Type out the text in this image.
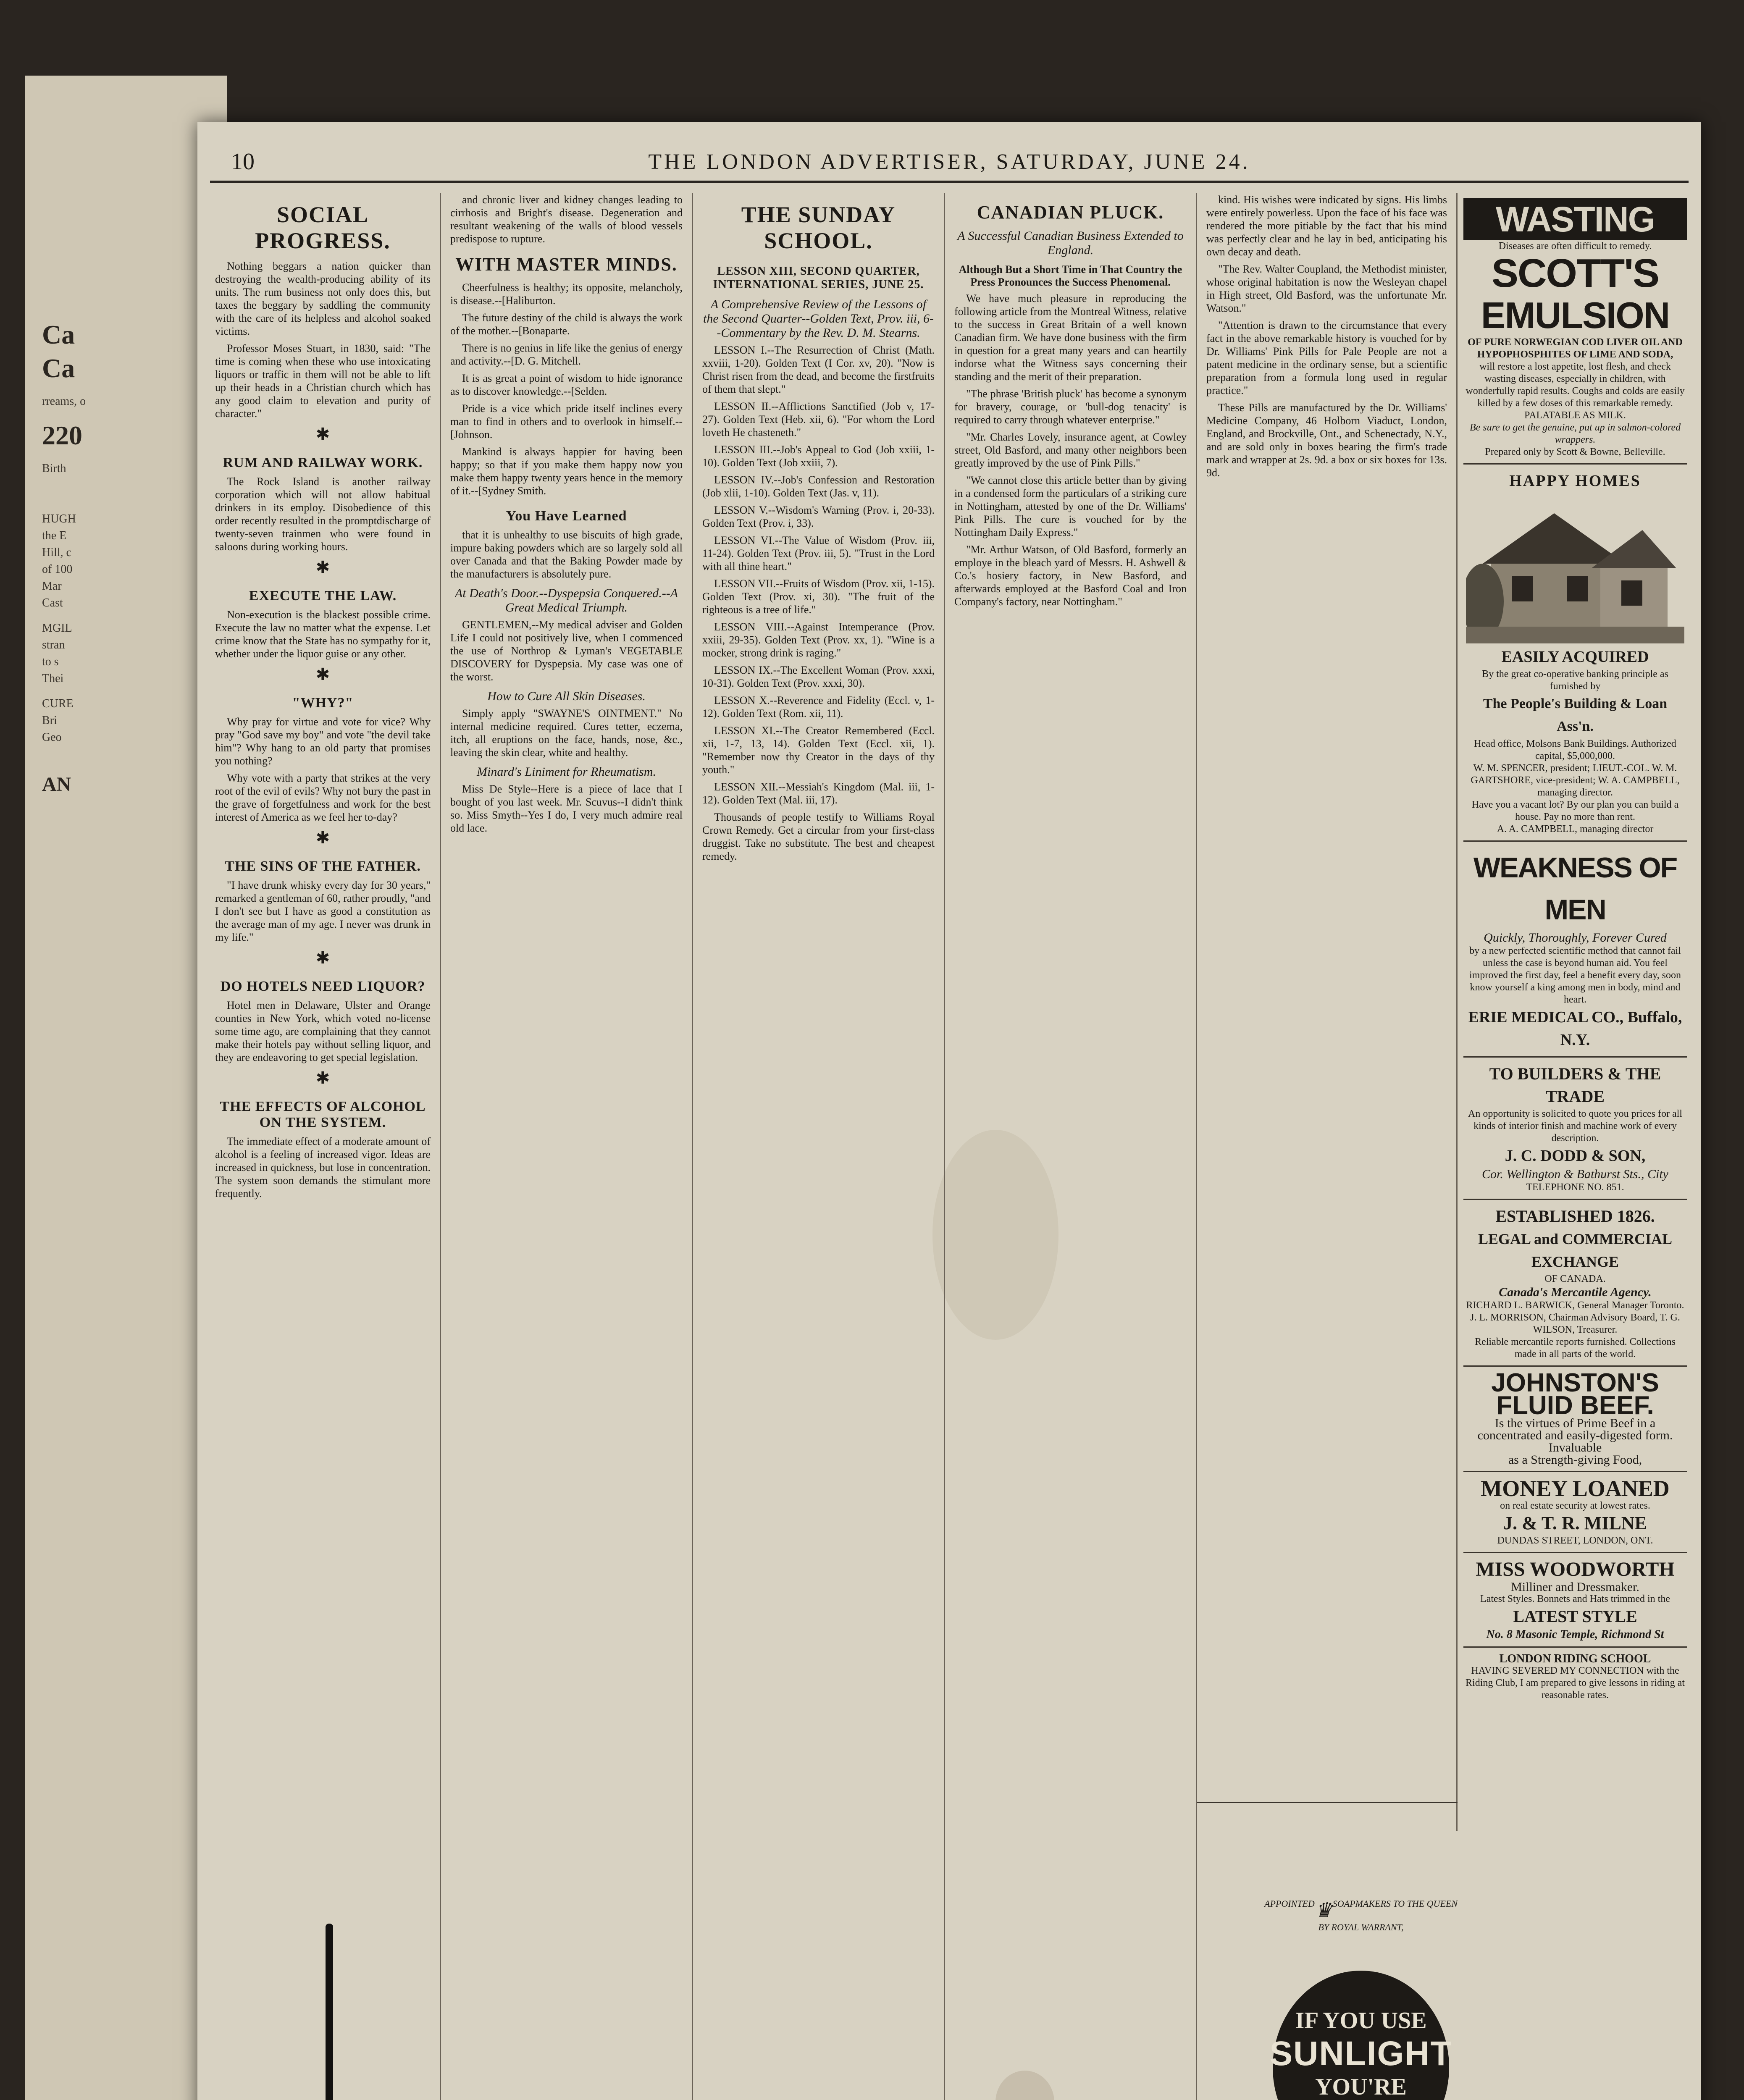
Ca
Ca
rreams, o
220
Birth
HUGH
the E
Hill, c
of 100
Mar
Cast
MGIL
stran
to s
Thei
CURE
Bri
Geo
AN
10	THE LONDON ADVERTISER, SATURDAY, JUNE 24.
SOCIAL PROGRESS.

Nothing beggars a nation quicker than destroying the wealth-producing ability of its units. The rum business not only does this, but taxes the beggary by saddling the community with the care of its helpless and alcohol soaked victims.

Professor Moses Stuart, in 1830, said: "The time is coming when these who use intoxicating liquors or traffic in them will not be able to lift up their heads in a Christian church which has any good claim to elevation and purity of character."

✱
RUM AND RAILWAY WORK.

The Rock Island is another railway corporation which will not allow habitual drinkers in its employ. Disobedience of this order recently resulted in the promptdischarge of twenty-seven trainmen who were found in saloons during working hours.

✱
EXECUTE THE LAW.

Non-execution is the blackest possible crime. Execute the law no matter what the expense. Let crime know that the State has no sympathy for it, whether under the liquor guise or any other.

✱
"WHY?"

Why pray for virtue and vote for vice? Why pray "God save my boy" and vote "the devil take him"? Why hang to an old party that promises you nothing?

Why vote with a party that strikes at the very root of the evil of evils? Why not bury the past in the grave of forgetfulness and work for the best interest of America as we feel her to-day?

✱
THE SINS OF THE FATHER.

"I have drunk whisky every day for 30 years," remarked a gentleman of 60, rather proudly, "and I don't see but I have as good a constitution as the average man of my age. I never was drunk in my life."

✱
DO HOTELS NEED LIQUOR?

Hotel men in Delaware, Ulster and Orange counties in New York, which voted no-license some time ago, are complaining that they cannot make their hotels pay without selling liquor, and they are endeavoring to get special legislation.

✱
THE EFFECTS OF ALCOHOL ON THE SYSTEM.

The immediate effect of a moderate amount of alcohol is a feeling of increased vigor. Ideas are increased in quickness, but lose in concentration. The system soon demands the stimulant more frequently.

and chronic liver and kidney changes leading to cirrhosis and Bright's disease. Degeneration and resultant weakening of the walls of blood vessels predispose to rupture.

WITH MASTER MINDS.

Cheerfulness is healthy; its opposite, melancholy, is disease.--[Haliburton.

The future destiny of the child is always the work of the mother.--[Bonaparte.

There is no genius in life like the genius of energy and activity.--[D. G. Mitchell.

It is as great a point of wisdom to hide ignorance as to discover knowledge.--[Selden.

Pride is a vice which pride itself inclines every man to find in others and to overlook in himself.--[Johnson.

Mankind is always happier for having been happy; so that if you make them happy now you make them happy twenty years hence in the memory of it.--[Sydney Smith.

You Have Learned

that it is unhealthy to use biscuits of high grade, impure baking powders which are so largely sold all over Canada and that the Baking Powder made by the manufacturers is absolutely pure.

At Death's Door.--Dyspepsia Conquered.--A Great Medical Triumph.

GENTLEMEN,--My medical adviser and Golden Life I could not positively live, when I commenced the use of Northrop & Lyman's VEGETABLE DISCOVERY for Dyspepsia. My case was one of the worst.

How to Cure All Skin Diseases.

Simply apply "SWAYNE'S OINTMENT." No internal medicine required. Cures tetter, eczema, itch, all eruptions on the face, hands, nose, &c., leaving the skin clear, white and healthy.

Minard's Liniment for Rheumatism.

Miss De Style--Here is a piece of lace that I bought of you last week. Mr. Scuvus--I didn't think so. Miss Smyth--Yes I do, I very much admire real old lace.

THE SUNDAY SCHOOL.
LESSON XIII, SECOND QUARTER, INTERNATIONAL SERIES, JUNE 25.
A Comprehensive Review of the Lessons of the Second Quarter--Golden Text, Prov. iii, 6--Commentary by the Rev. D. M. Stearns.

LESSON I.--The Resurrection of Christ (Math. xxviii, 1-20). Golden Text (I Cor. xv, 20). "Now is Christ risen from the dead, and become the firstfruits of them that slept."

LESSON II.--Afflictions Sanctified (Job v, 17-27). Golden Text (Heb. xii, 6). "For whom the Lord loveth He chasteneth."

LESSON III.--Job's Appeal to God (Job xxiii, 1-10). Golden Text (Job xxiii, 7).

LESSON IV.--Job's Confession and Restoration (Job xlii, 1-10). Golden Text (Jas. v, 11).

LESSON V.--Wisdom's Warning (Prov. i, 20-33). Golden Text (Prov. i, 33).

LESSON VI.--The Value of Wisdom (Prov. iii, 11-24). Golden Text (Prov. iii, 5). "Trust in the Lord with all thine heart."

LESSON VII.--Fruits of Wisdom (Prov. xii, 1-15). Golden Text (Prov. xi, 30). "The fruit of the righteous is a tree of life."

LESSON VIII.--Against Intemperance (Prov. xxiii, 29-35). Golden Text (Prov. xx, 1). "Wine is a mocker, strong drink is raging."

LESSON IX.--The Excellent Woman (Prov. xxxi, 10-31). Golden Text (Prov. xxxi, 30).

LESSON X.--Reverence and Fidelity (Eccl. v, 1-12). Golden Text (Rom. xii, 11).

LESSON XI.--The Creator Remembered (Eccl. xii, 1-7, 13, 14). Golden Text (Eccl. xii, 1). "Remember now thy Creator in the days of thy youth."

LESSON XII.--Messiah's Kingdom (Mal. iii, 1-12). Golden Text (Mal. iii, 17).

Thousands of people testify to Williams Royal Crown Remedy. Get a circular from your first-class druggist. Take no substitute. The best and cheapest remedy.

CANADIAN PLUCK.
A Successful Canadian Business Extended to England.
Although But a Short Time in That Country the Press Pronounces the Success Phenomenal.

We have much pleasure in reproducing the following article from the Montreal Witness, relative to the success in Great Britain of a well known Canadian firm. We have done business with the firm in question for a great many years and can heartily indorse what the Witness says concerning their standing and the merit of their preparation.

"The phrase 'British pluck' has become a synonym for bravery, courage, or 'bull-dog tenacity' is required to carry through whatever enterprise."

"Mr. Charles Lovely, insurance agent, at Cowley street, Old Basford, and many other neighbors been greatly improved by the use of Pink Pills."

"We cannot close this article better than by giving in a condensed form the particulars of a striking cure in Nottingham, attested by one of the Dr. Williams' Pink Pills. The cure is vouched for by the Nottingham Daily Express."

"Mr. Arthur Watson, of Old Basford, formerly an employe in the bleach yard of Messrs. H. Ashwell & Co.'s hosiery factory, in New Basford, and afterwards employed at the Basford Coal and Iron Company's factory, near Nottingham."

kind. His wishes were indicated by signs. His limbs were entirely powerless. Upon the face of his face was rendered the more pitiable by the fact that his mind was perfectly clear and he lay in bed, anticipating his own decay and death.

"The Rev. Walter Coupland, the Methodist minister, whose original habitation is now the Wesleyan chapel in High street, Old Basford, was the unfortunate Mr. Watson."

"Attention is drawn to the circumstance that every fact in the above remarkable history is vouched for by Dr. Williams' Pink Pills for Pale People are not a patent medicine in the ordinary sense, but a scientific preparation from a formula long used in regular practice."

These Pills are manufactured by the Dr. Williams' Medicine Company, 46 Holborn Viaduct, London, England, and Brockville, Ont., and Schenectady, N.Y., and are sold only in boxes bearing the firm's trade mark and wrapper at 2s. 9d. a box or six boxes for 13s. 9d.

APPOINTED ♛ SOAPMAKERS TO THE QUEEN
BY ROYAL WARRANT,
IF YOU USE
SUNLIGHT
YOU'RE
WASTING
Diseases are often difficult to remedy.
SCOTT'S
EMULSION
OF PURE NORWEGIAN COD LIVER OIL AND HYPOPHOSPHITES OF LIME AND SODA,
will restore a lost appetite, lost flesh, and check wasting diseases, especially in children, with wonderfully rapid results. Coughs and colds are easily killed by a few doses of this remarkable remedy. PALATABLE AS MILK.
Be sure to get the genuine, put up in salmon-colored wrappers.
Prepared only by Scott & Bowne, Belleville.
HAPPY HOMES
EASILY ACQUIRED
By the great co-operative banking principle as furnished by
The People's Building & Loan Ass'n.
Head office, Molsons Bank Buildings. Authorized capital, $5,000,000.
W. M. SPENCER, president; LIEUT.-COL. W. M. GARTSHORE, vice-president; W. A. CAMPBELL, managing director.
Have you a vacant lot? By our plan you can build a house. Pay no more than rent.
A. A. CAMPBELL, managing director
WEAKNESS OF MEN
Quickly, Thoroughly, Forever Cured
by a new perfected scientific method that cannot fail unless the case is beyond human aid. You feel improved the first day, feel a benefit every day, soon know yourself a king among men in body, mind and heart.
ERIE MEDICAL CO., Buffalo, N.Y.
TO BUILDERS & THE TRADE
An opportunity is solicited to quote you prices for all kinds of interior finish and machine work of every description.
J. C. DODD & SON,
Cor. Wellington & Bathurst Sts., City
TELEPHONE NO. 851.
ESTABLISHED 1826.
LEGAL and COMMERCIAL EXCHANGE
OF CANADA.
Canada's Mercantile Agency.
RICHARD L. BARWICK, General Manager Toronto. J. L. MORRISON, Chairman Advisory Board, T. G. WILSON, Treasurer.
Reliable mercantile reports furnished. Collections made in all parts of the world.
JOHNSTON'S
FLUID BEEF.
Is the virtues of Prime Beef in a concentrated and easily-digested form.
Invaluable
as a Strength-giving Food,
MONEY LOANED
on real estate security at lowest rates.
J. & T. R. MILNE
DUNDAS STREET, LONDON, ONT.
MISS WOODWORTH
Milliner and Dressmaker.
Latest Styles. Bonnets and Hats trimmed in the
LATEST STYLE
No. 8 Masonic Temple, Richmond St
LONDON RIDING SCHOOL
HAVING SEVERED MY CONNECTION with the Riding Club, I am prepared to give lessons in riding at reasonable rates.
